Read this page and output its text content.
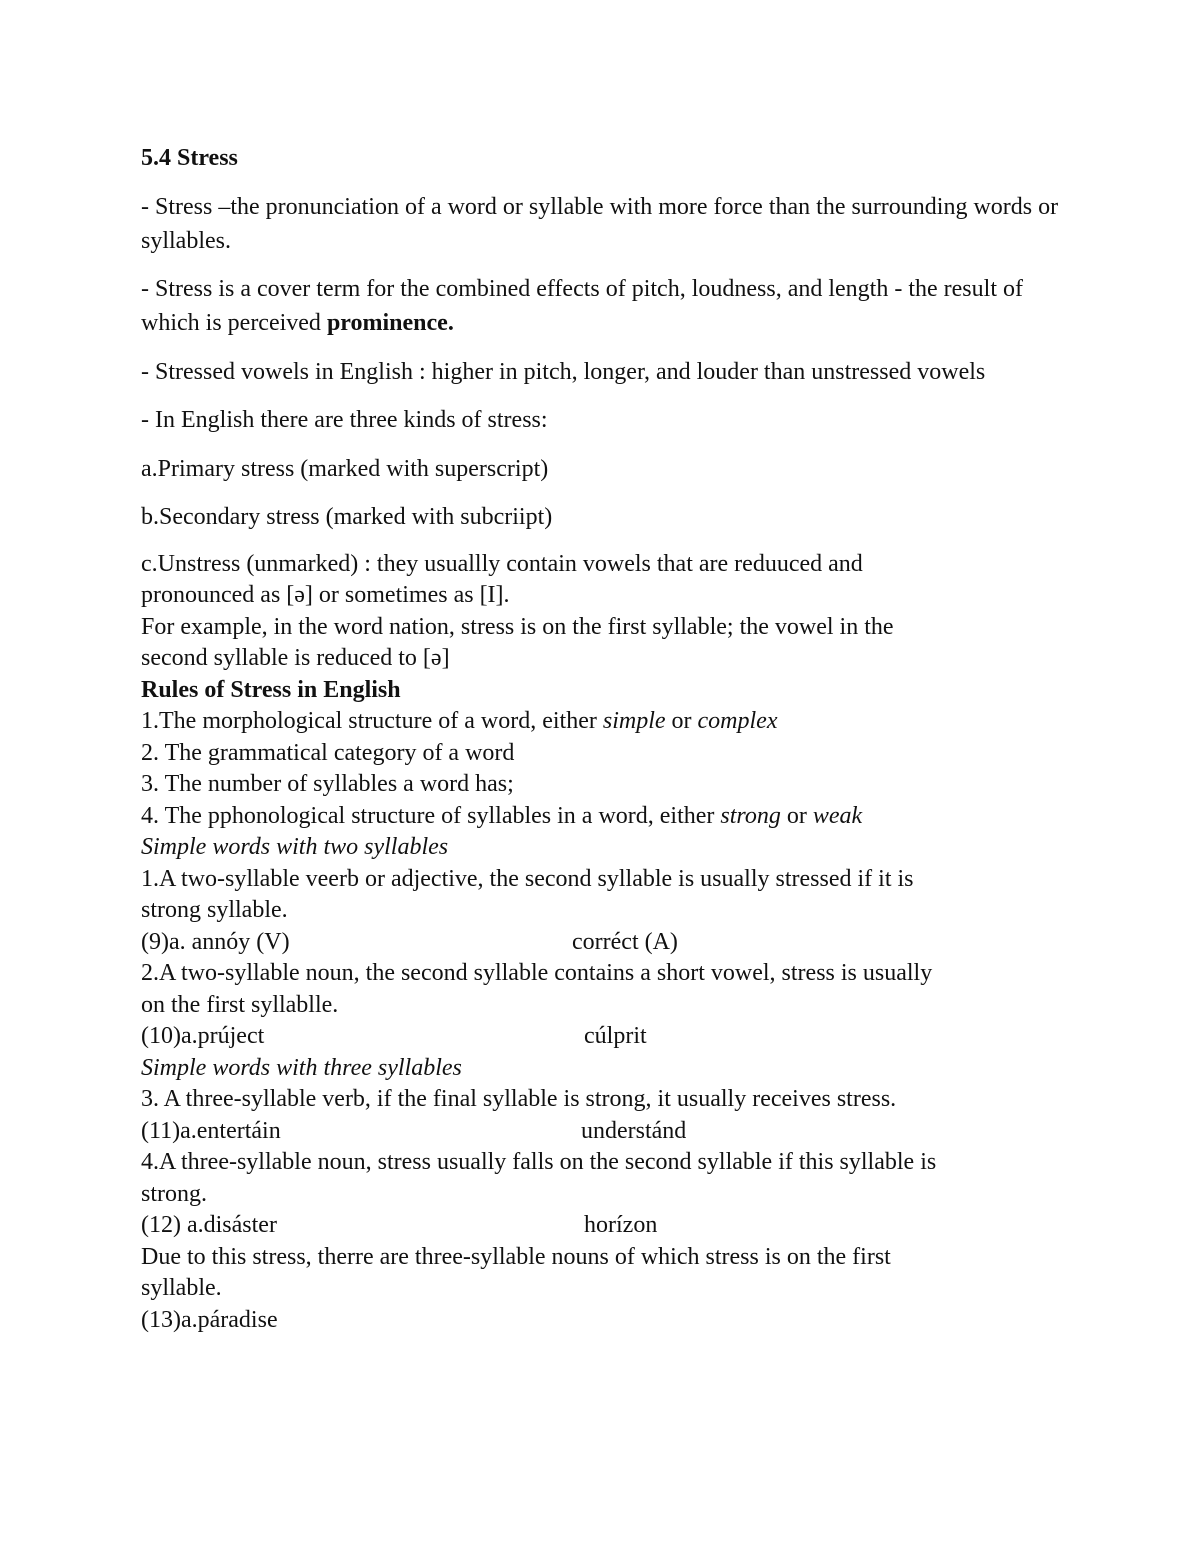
5.4 Stress
- Stress –the pronunciation of a word or syllable with more force than the surrounding words or syllables.
- Stress is a cover term for the combined effects of pitch, loudness, and length - the result of which is perceived prominence.
- Stressed vowels in English : higher in pitch, longer, and louder than unstressed vowels
- In English there are three kinds of stress:
a.Primary stress (marked with superscript)
b.Secondary stress (marked with subcriipt)
c.Unstress (unmarked) : they usuallly contain vowels that are reduuced and
pronounced as [ə] or sometimes as [I].
For example, in the word nation, stress is on the first syllable; the vowel in the
second syllable is reduced to [ə]
Rules of Stress in English
1.The morphological structure of a word, either simple or complex
2. The grammatical category of a word
3. The number of syllables a word has;
4. The pphonological structure of syllables in a word, either strong or weak
Simple words with two syllables
1.A two-syllable veerb or adjective, the second syllable is usually stressed if it is
strong syllable.
(9)a. annóy (V)	corréct (A)
2.A two-syllable noun, the second syllable contains a short vowel, stress is usually
on the first syllablle.
(10)a.prúject	cúlprit
Simple words with three syllables
3. A three-syllable verb, if the final syllable is strong, it usually receives stress.
(11)a.entertáin	understánd
4.A three-syllable noun, stress usually falls on the second syllable if this syllable is
strong.
(12) a.disáster	horízon
Due to this stress, therre are three-syllable nouns of which stress is on the first
syllable.
(13)a.páradise
